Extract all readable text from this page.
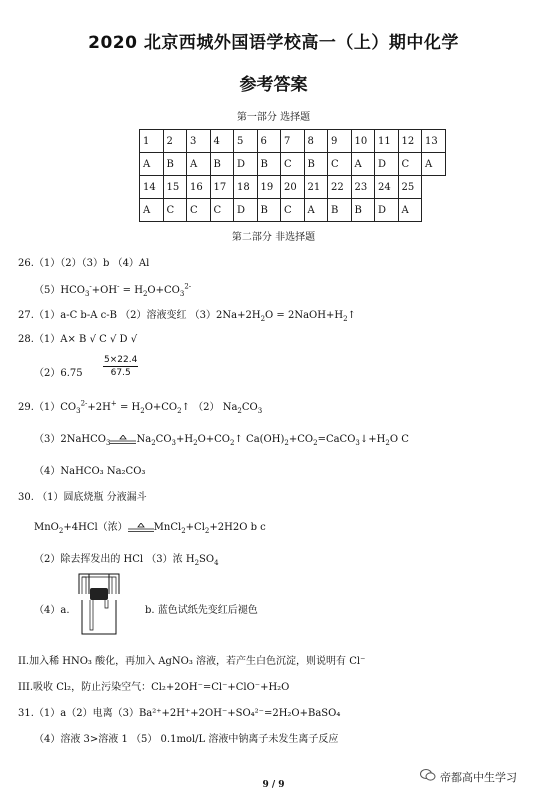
2020 北京西城外国语学校高一（上）期中化学
参考答案
第一部分 选择题
1	2	3	4	5	6	7	8	9	10	11	12	13
A	B	A	B	D	B	C	B	C	A	D	C	A
14	15	16	17	18	19	20	21	22	23	24	25	
A	C	C	C	D	B	C	A	B	B	D	A	
第二部分 非选择题
26.（1）（2）（3）b （4）Al
$(5)HCO_3^-+OH^- = H_2O+CO_3^{2-}$
27.（1）a-C b-A c-B （2）溶液变红 $(3)2Na+2H_2O$ = $2NaOH+H_2↑$
28.（1）A× B √ C √ D √
$(2)6.75 \frac{5\times 22.4}{67.5}$
$29.(1)CO_3^{2-}+2H^+$ = $H_2O+CO_2↑$ （2） $Na_2CO_3$
（3）2NaHCO$_3$	$Na_2CO_3+H_2O+CO_2↑$ $Ca(OH)_2+CO_2=CaCO_3↓+H_2O$ C
（4）NaHCO₃ Na₂CO₃
30. （1）圆底烧瓶 分液漏斗
MnO$_2$+4HCl（浓）	$MnCl_2+Cl_2+2H2O$ b c
（2）除去挥发出的 HCl （3）浓 $H_2SO_4$
（4）a.	b. 蓝色试纸先变红后褪色
II.加入稀 HNO₃ 酸化，再加入 AgNO₃ 溶液，若产生白色沉淀，则说明有 Cl⁻
III.吸收 Cl₂，防止污染空气：Cl₂+2OH⁻=Cl⁻+ClO⁻+H₂O
31.（1）a（2）电离（3）Ba²⁺+2H⁺+2OH⁻+SO₄²⁻=2H₂O+BaSO₄
（4）溶液 3>溶液 1 （5） 0.1mol/L 溶液中钠离子未发生离子反应
9 / 9
帝都高中生学习
